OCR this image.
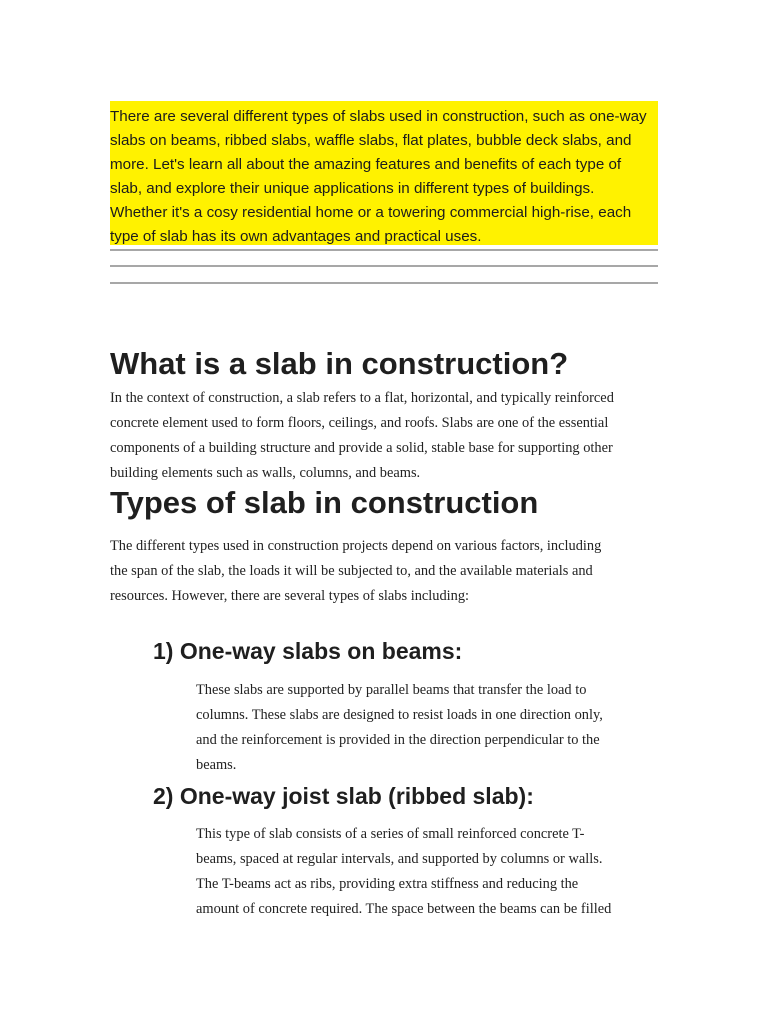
There are several different types of slabs used in construction, such as one-way
slabs on beams, ribbed slabs, waffle slabs, flat plates, bubble deck slabs, and
more. Let's learn all about the amazing features and benefits of each type of
slab, and explore their unique applications in different types of buildings.
Whether it's a cosy residential home or a towering commercial high-rise, each
type of slab has its own advantages and practical uses.
What is a slab in construction?

In the context of construction, a slab refers to a flat, horizontal, and typically reinforced
concrete element used to form floors, ceilings, and roofs. Slabs are one of the essential
components of a building structure and provide a solid, stable base for supporting other
building elements such as walls, columns, and beams.

Types of slab in construction

The different types used in construction projects depend on various factors, including
the span of the slab, the loads it will be subjected to, and the available materials and
resources. However, there are several types of slabs including:

1) One-way slabs on beams:

These slabs are supported by parallel beams that transfer the load to
columns. These slabs are designed to resist loads in one direction only,
and the reinforcement is provided in the direction perpendicular to the
beams.

2) One-way joist slab (ribbed slab):

This type of slab consists of a series of small reinforced concrete T-
beams, spaced at regular intervals, and supported by columns or walls.
The T-beams act as ribs, providing extra stiffness and reducing the
amount of concrete required. The space between the beams can be filled
